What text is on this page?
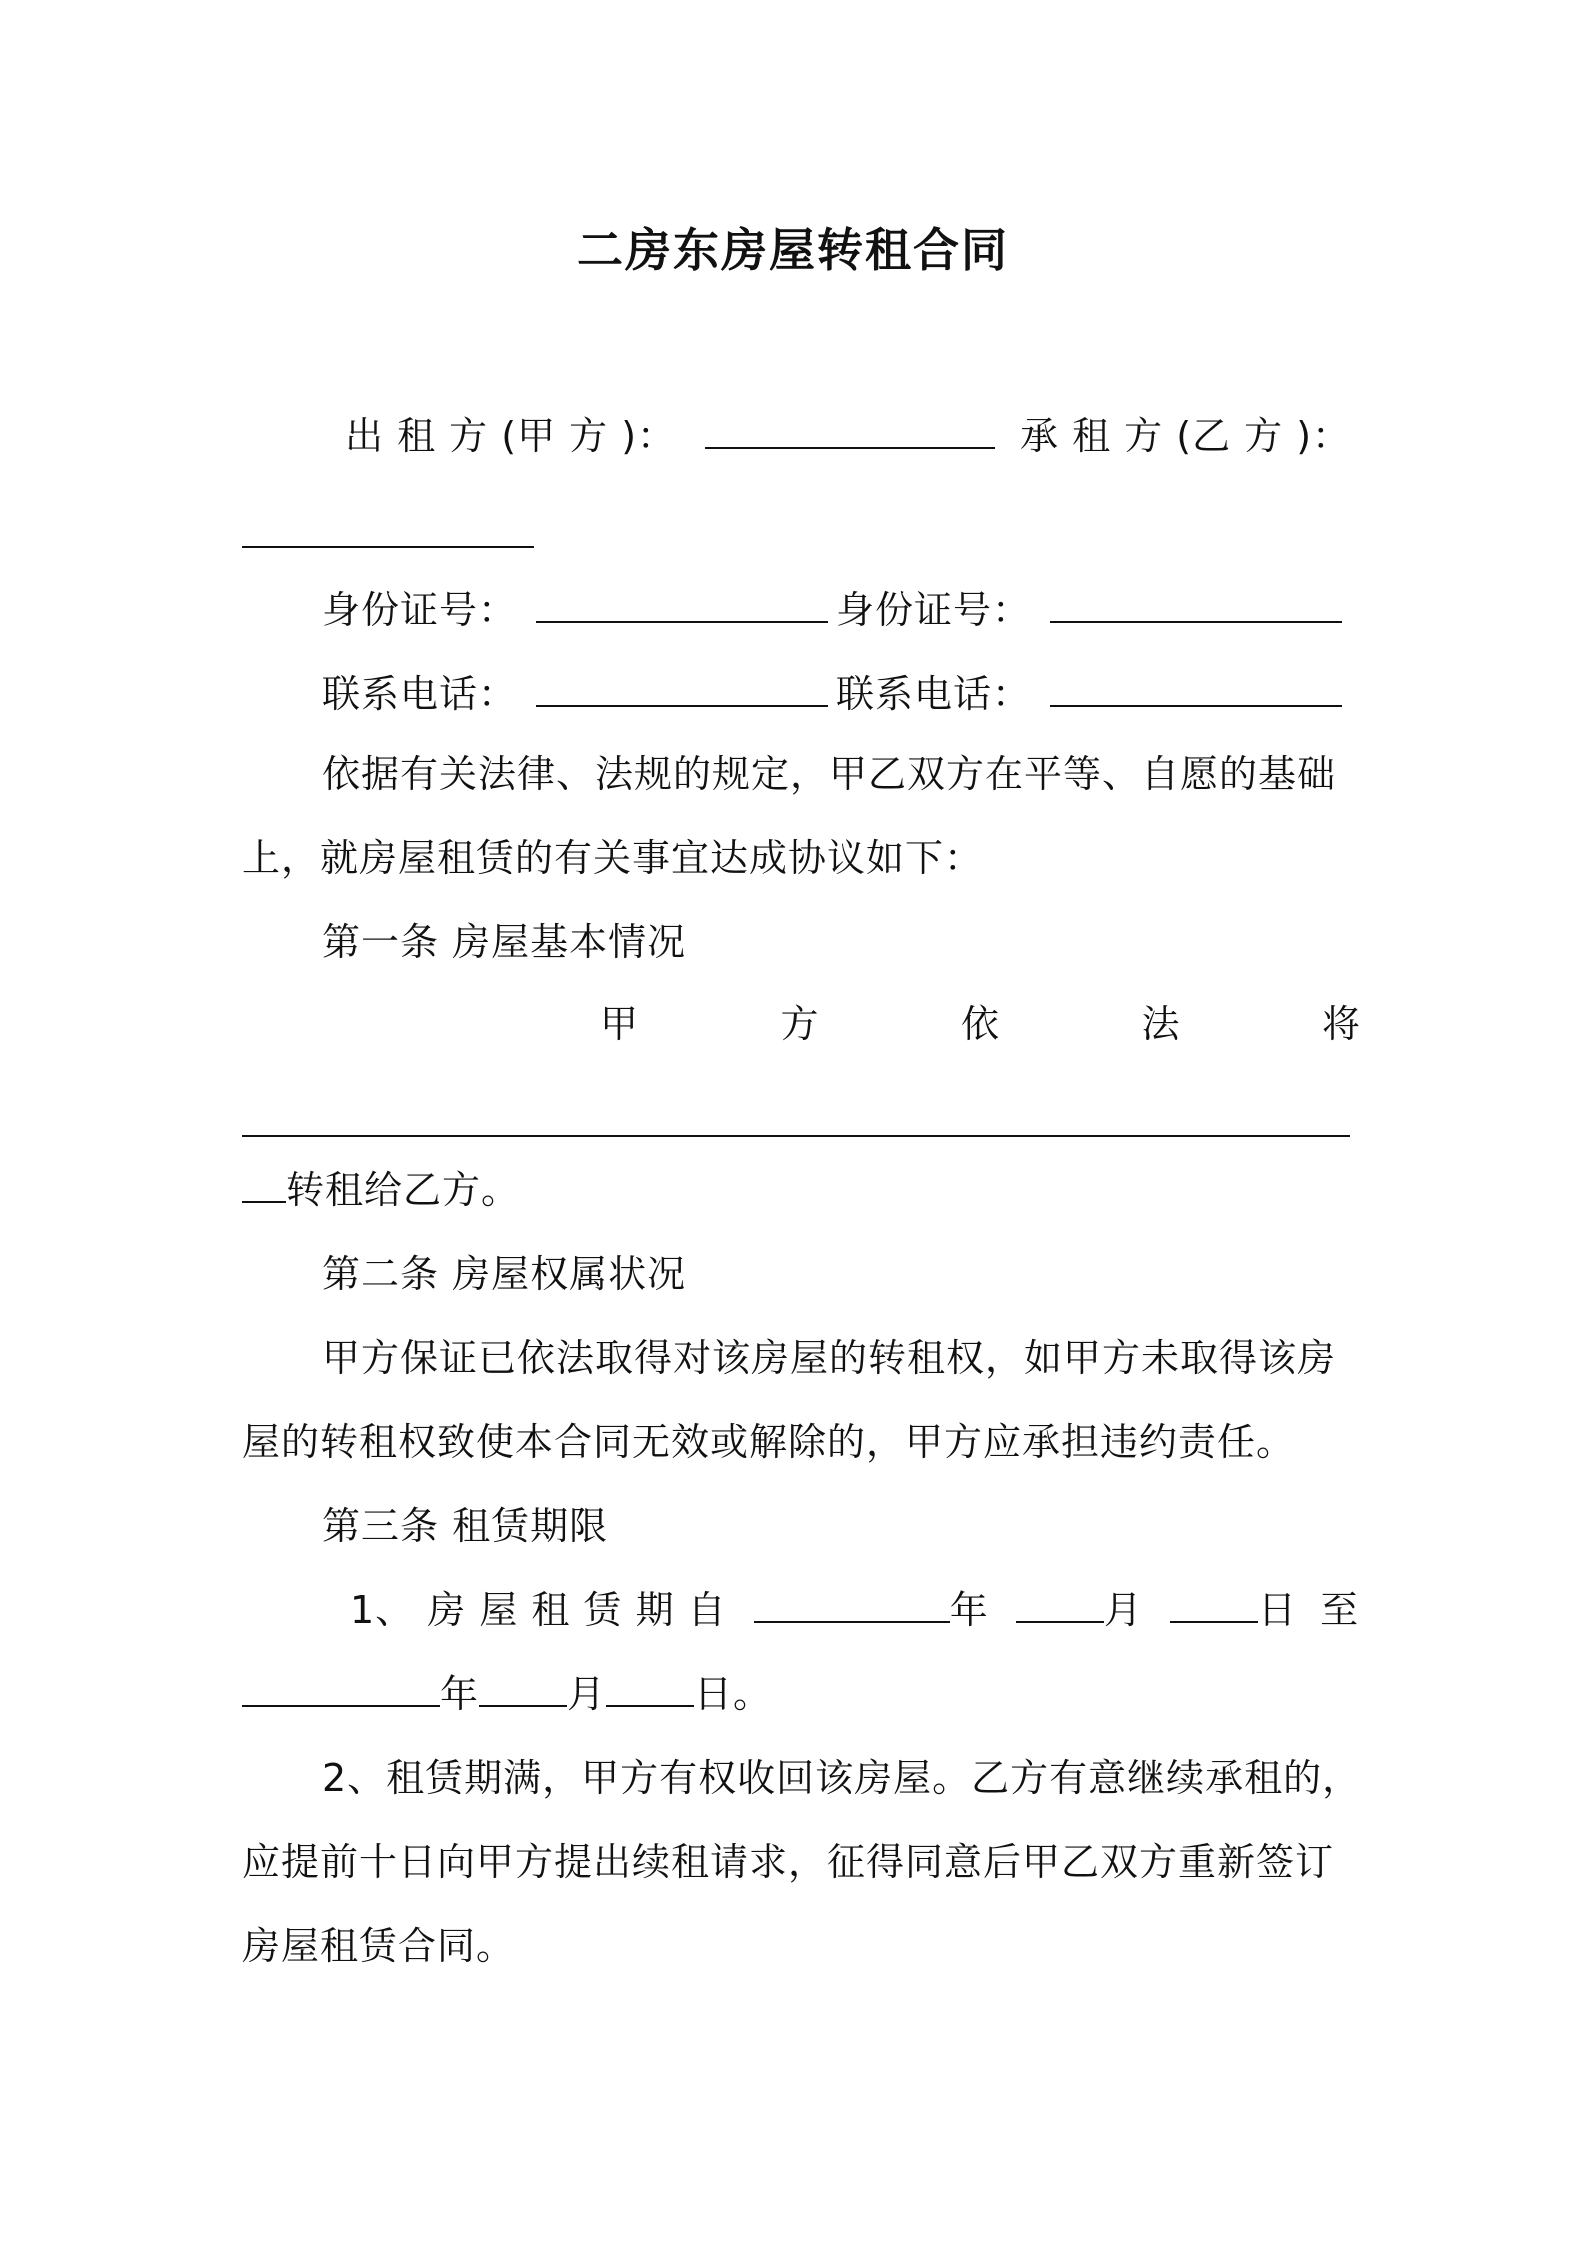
二房东房屋转租合同
出 租 方 (甲 方 )：	承 租 方 (乙 方 )：
身份证号：	身份证号：
联系电话：	联系电话：
依据有关法律、法规的规定，甲乙双方在平等、自愿的基础
上，就房屋租赁的有关事宜达成协议如下：
第一条 房屋基本情况
甲	方	依	法	将
转租给乙方。
第二条 房屋权属状况
甲方保证已依法取得对该房屋的转租权，如甲方未取得该房
屋的转租权致使本合同无效或解除的，甲方应承担违约责任。
第三条 租赁期限
1、 房 屋 租 赁 期 自	年	月	日 至
年 月 日。
2、租赁期满，甲方有权收回该房屋。乙方有意继续承租的，
应提前十日向甲方提出续租请求，征得同意后甲乙双方重新签订
房屋租赁合同。
